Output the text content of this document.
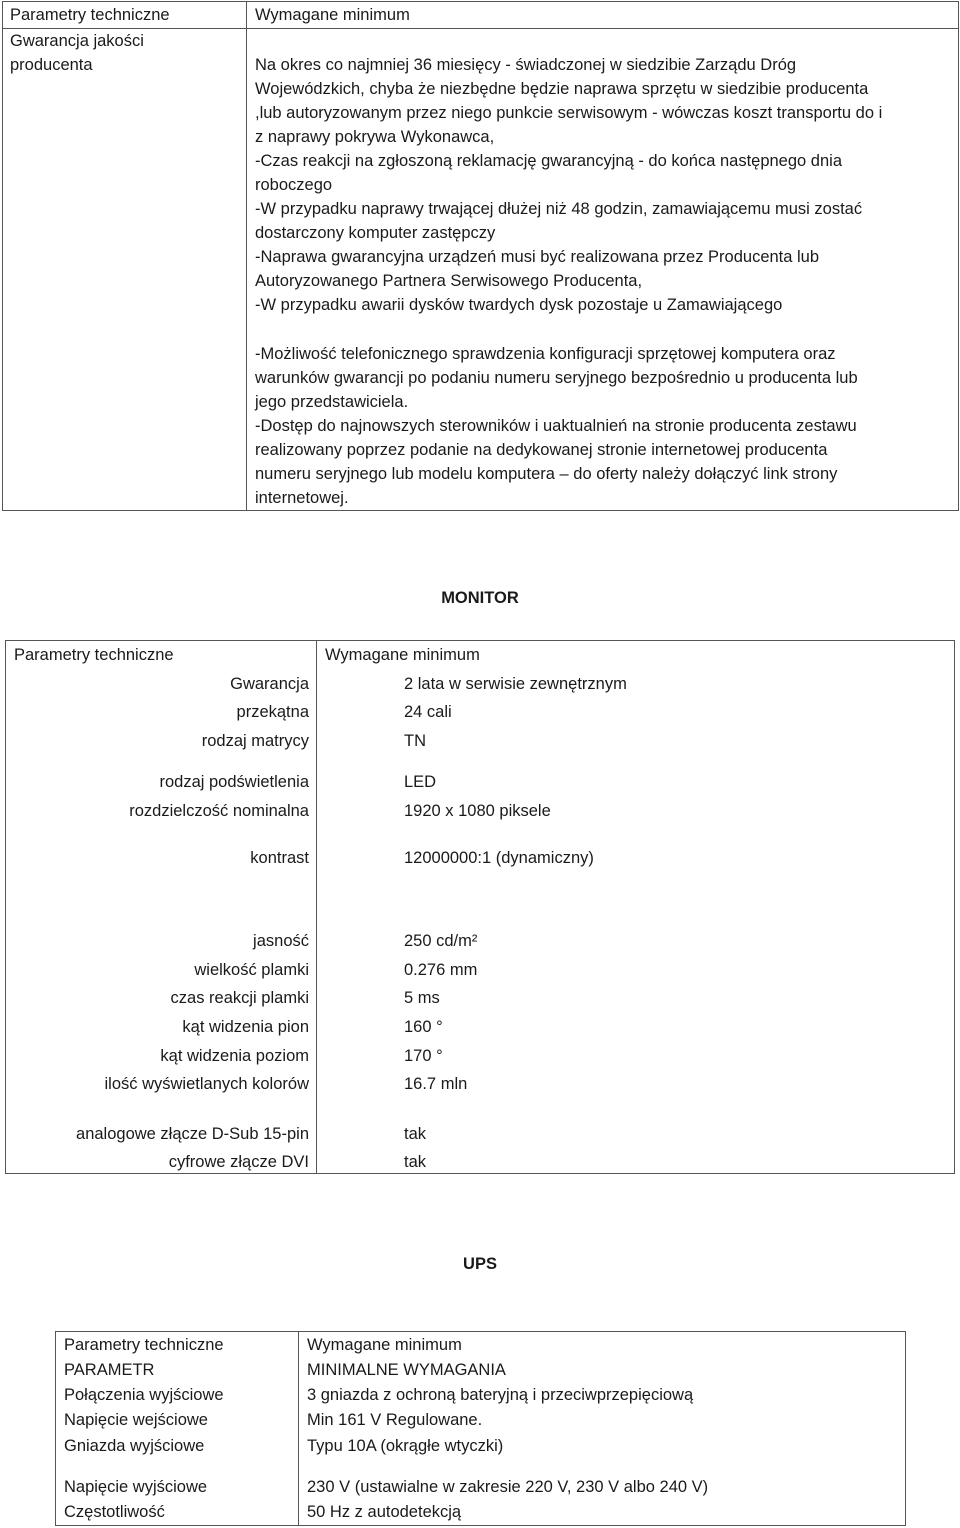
Parametry techniczne	Wymagane minimum
Gwarancja jakości
producenta	Na okres co najmniej 36 miesięcy - świadczonej w siedzibie Zarządu Dróg
Wojewódzkich, chyba że niezbędne będzie naprawa sprzętu w siedzibie producenta
,lub autoryzowanym przez niego punkcie serwisowym - wówczas koszt transportu do i
z naprawy pokrywa Wykonawca,
-Czas reakcji na zgłoszoną reklamację gwarancyjną - do końca następnego dnia
roboczego
-W przypadku naprawy trwającej dłużej niż 48 godzin, zamawiającemu musi zostać
dostarczony komputer zastępczy
-Naprawa gwarancyjna urządzeń musi być realizowana przez Producenta lub
Autoryzowanego Partnera Serwisowego Producenta,
-W przypadku awarii dysków twardych dysk pozostaje u Zamawiającego
-Możliwość telefonicznego sprawdzenia konfiguracji sprzętowej komputera oraz
warunków gwarancji po podaniu numeru seryjnego bezpośrednio u producenta lub
jego przedstawiciela.
-Dostęp do najnowszych sterowników i uaktualnień na stronie producenta zestawu
realizowany poprzez podanie na dedykowanej stronie internetowej producenta
numeru seryjnego lub modelu komputera – do oferty należy dołączyć link strony
internetowej.
MONITOR
Parametry techniczne	Wymagane minimum
Gwarancja	2 lata w serwisie zewnętrznym
przekątna	24 cali
rodzaj matrycy	TN
rodzaj podświetlenia	LED
rozdzielczość nominalna	1920 x 1080 piksele
kontrast	12000000:1 (dynamiczny)
jasność	250 cd/m²
wielkość plamki	0.276 mm
czas reakcji plamki	5 ms
kąt widzenia pion	160 °
kąt widzenia poziom	170 °
ilość wyświetlanych kolorów	16.7 mln
analogowe złącze D-Sub 15-pin	tak
cyfrowe złącze DVI	tak
UPS
Parametry techniczne	Wymagane minimum
PARAMETR	MINIMALNE WYMAGANIA
Połączenia wyjściowe	3 gniazda z ochroną bateryjną i przeciwprzepięciową
Napięcie wejściowe	Min 161 V Regulowane.
Gniazda wyjściowe	Typu 10A (okrągłe wtyczki)
Napięcie wyjściowe	230 V (ustawialne w zakresie 220 V, 230 V albo 240 V)
Częstotliwość	50 Hz z autodetekcją
